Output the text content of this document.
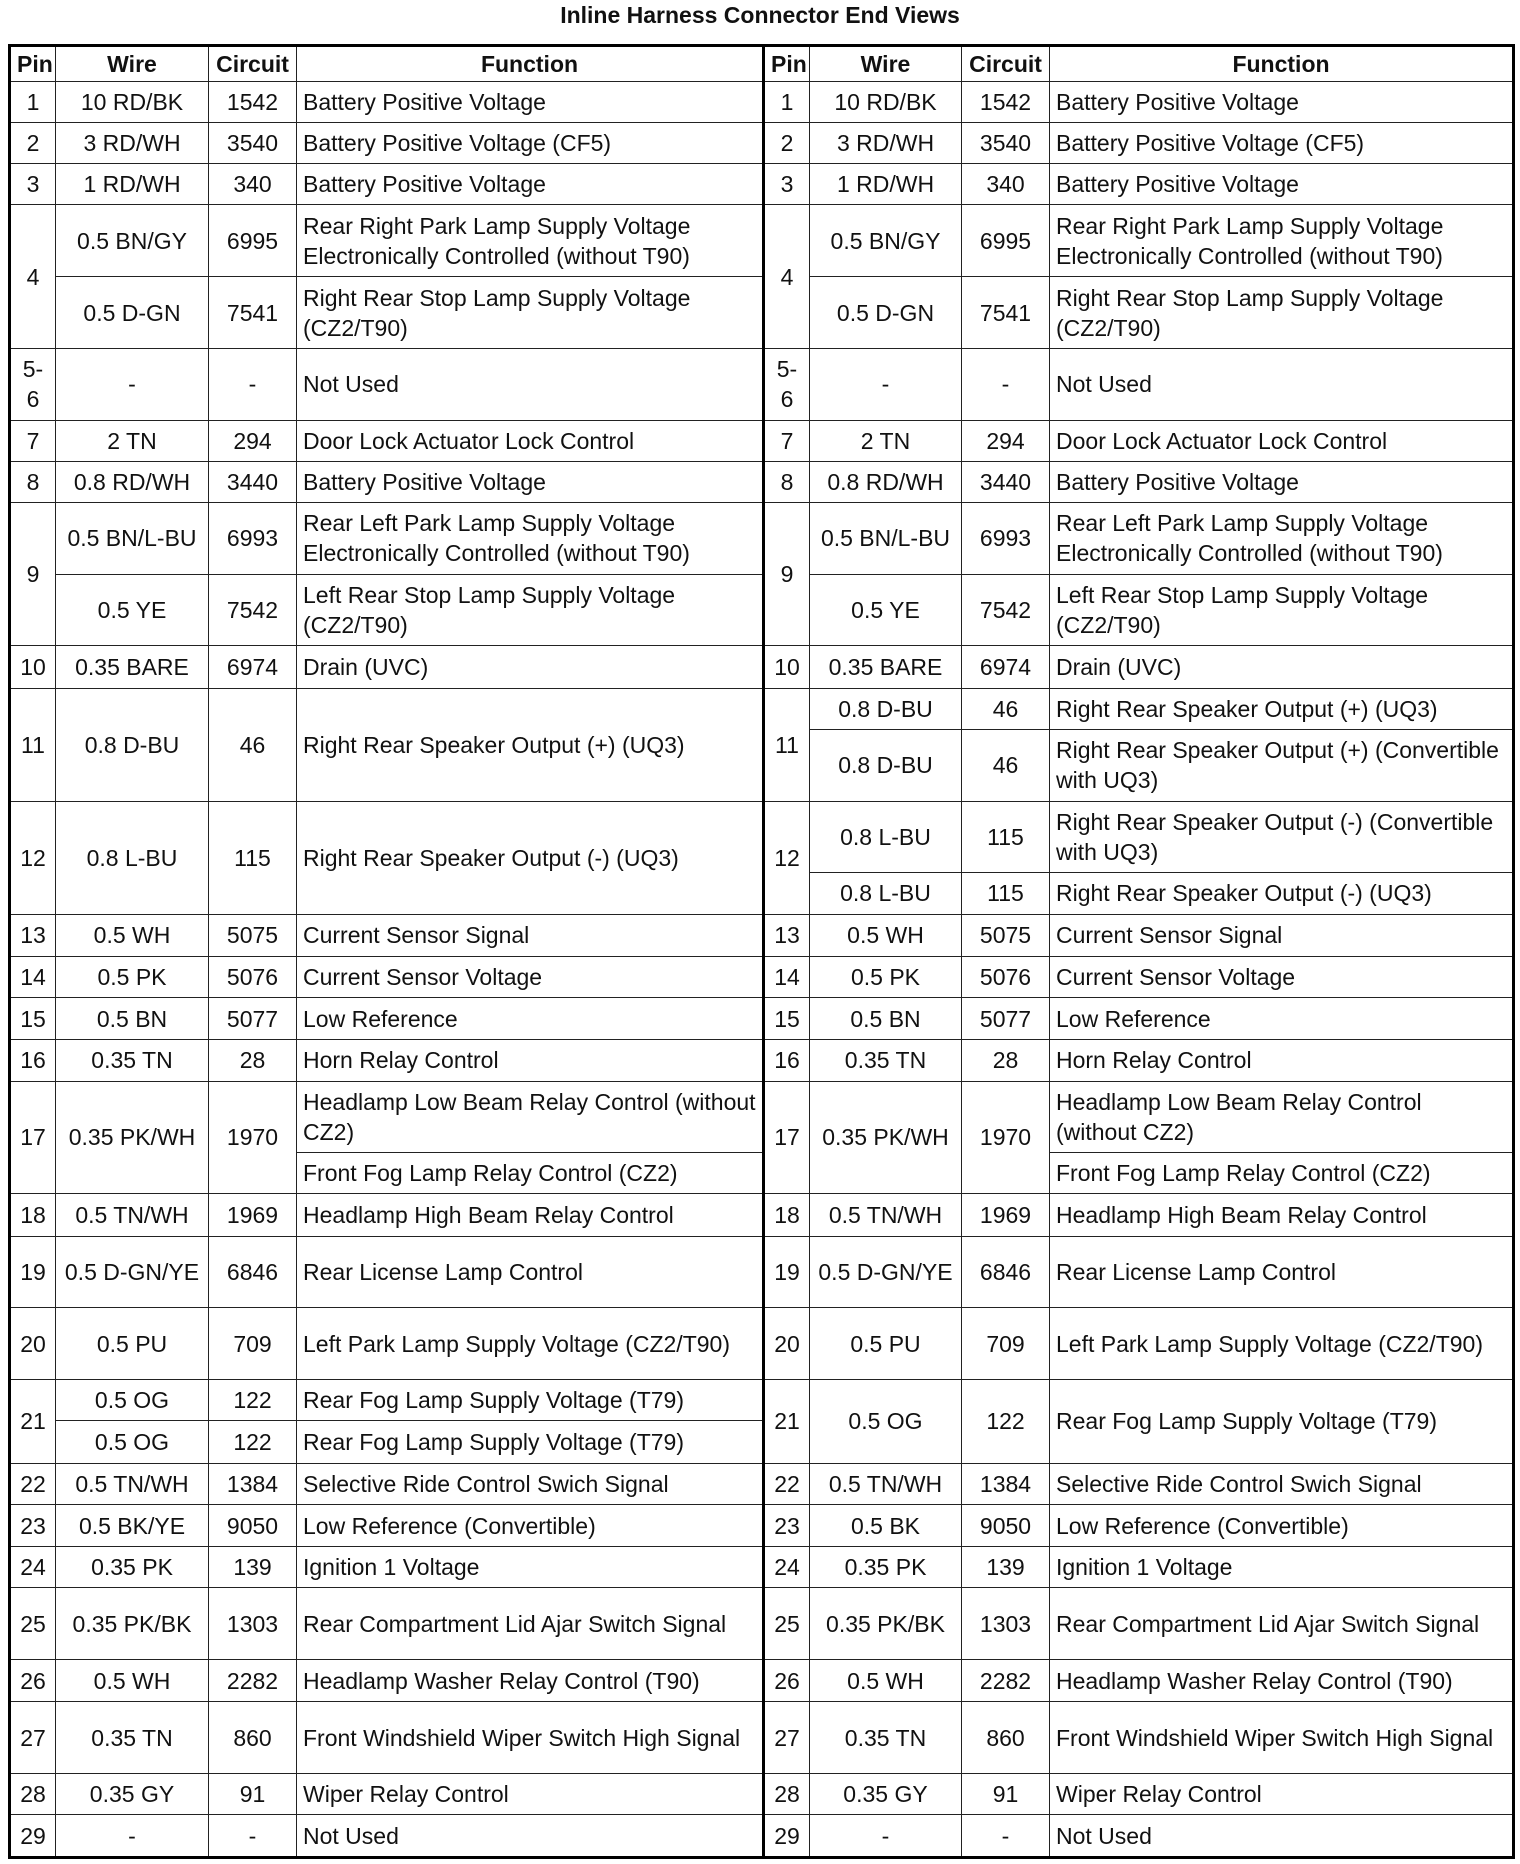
Inline Harness Connector End Views
Pin	Wire	Circuit	Function	Pin	Wire	Circuit	Function
1	10 RD/BK	1542	Battery Positive Voltage	1	10 RD/BK	1542	Battery Positive Voltage
2	3 RD/WH	3540	Battery Positive Voltage (CF5)	2	3 RD/WH	3540	Battery Positive Voltage (CF5)
3	1 RD/WH	340	Battery Positive Voltage	3	1 RD/WH	340	Battery Positive Voltage
4	0.5 BN/GY	6995	Rear Right Park Lamp Supply Voltage Electronically Controlled (without T90)	4	0.5 BN/GY	6995	Rear Right Park Lamp Supply Voltage Electronically Controlled (without T90)
	0.5 D-GN	7541	Right Rear Stop Lamp Supply Voltage (CZ2/T90)		0.5 D-GN	7541	Right Rear Stop Lamp Supply Voltage (CZ2/T90)
5-6	-	-	Not Used	5-6	-	-	Not Used
7	2 TN	294	Door Lock Actuator Lock Control	7	2 TN	294	Door Lock Actuator Lock Control
8	0.8 RD/WH	3440	Battery Positive Voltage	8	0.8 RD/WH	3440	Battery Positive Voltage
9	0.5 BN/L-BU	6993	Rear Left Park Lamp Supply Voltage Electronically Controlled (without T90)	9	0.5 BN/L-BU	6993	Rear Left Park Lamp Supply Voltage Electronically Controlled (without T90)
	0.5 YE	7542	Left Rear Stop Lamp Supply Voltage (CZ2/T90)		0.5 YE	7542	Left Rear Stop Lamp Supply Voltage (CZ2/T90)
10	0.35 BARE	6974	Drain (UVC)	10	0.35 BARE	6974	Drain (UVC)
11	0.8 D-BU	46	Right Rear Speaker Output (+) (UQ3)	11	0.8 D-BU	46	Right Rear Speaker Output (+) (UQ3)
					0.8 D-BU	46	Right Rear Speaker Output (+) (Convertible with UQ3)
12	0.8 L-BU	115	Right Rear Speaker Output (-) (UQ3)	12	0.8 L-BU	115	Right Rear Speaker Output (-) (Convertible with UQ3)
					0.8 L-BU	115	Right Rear Speaker Output (-) (UQ3)
13	0.5 WH	5075	Current Sensor Signal	13	0.5 WH	5075	Current Sensor Signal
14	0.5 PK	5076	Current Sensor Voltage	14	0.5 PK	5076	Current Sensor Voltage
15	0.5 BN	5077	Low Reference	15	0.5 BN	5077	Low Reference
16	0.35 TN	28	Horn Relay Control	16	0.35 TN	28	Horn Relay Control
17	0.35 PK/WH	1970	Headlamp Low Beam Relay Control (without CZ2)	17	0.35 PK/WH	1970	Headlamp Low Beam Relay Control (without CZ2)
			Front Fog Lamp Relay Control (CZ2)				Front Fog Lamp Relay Control (CZ2)
18	0.5 TN/WH	1969	Headlamp High Beam Relay Control	18	0.5 TN/WH	1969	Headlamp High Beam Relay Control
19	0.5 D-GN/YE	6846	Rear License Lamp Control	19	0.5 D-GN/YE	6846	Rear License Lamp Control
20	0.5 PU	709	Left Park Lamp Supply Voltage (CZ2/T90)	20	0.5 PU	709	Left Park Lamp Supply Voltage (CZ2/T90)
21	0.5 OG	122	Rear Fog Lamp Supply Voltage (T79)	21	0.5 OG	122	Rear Fog Lamp Supply Voltage (T79)
	0.5 OG	122	Rear Fog Lamp Supply Voltage (T79)				
22	0.5 TN/WH	1384	Selective Ride Control Swich Signal	22	0.5 TN/WH	1384	Selective Ride Control Swich Signal
23	0.5 BK/YE	9050	Low Reference (Convertible)	23	0.5 BK	9050	Low Reference (Convertible)
24	0.35 PK	139	Ignition 1 Voltage	24	0.35 PK	139	Ignition 1 Voltage
25	0.35 PK/BK	1303	Rear Compartment Lid Ajar Switch Signal	25	0.35 PK/BK	1303	Rear Compartment Lid Ajar Switch Signal
26	0.5 WH	2282	Headlamp Washer Relay Control (T90)	26	0.5 WH	2282	Headlamp Washer Relay Control (T90)
27	0.35 TN	860	Front Windshield Wiper Switch High Signal	27	0.35 TN	860	Front Windshield Wiper Switch High Signal
28	0.35 GY	91	Wiper Relay Control	28	0.35 GY	91	Wiper Relay Control
29	-	-	Not Used	29	-	-	Not Used
